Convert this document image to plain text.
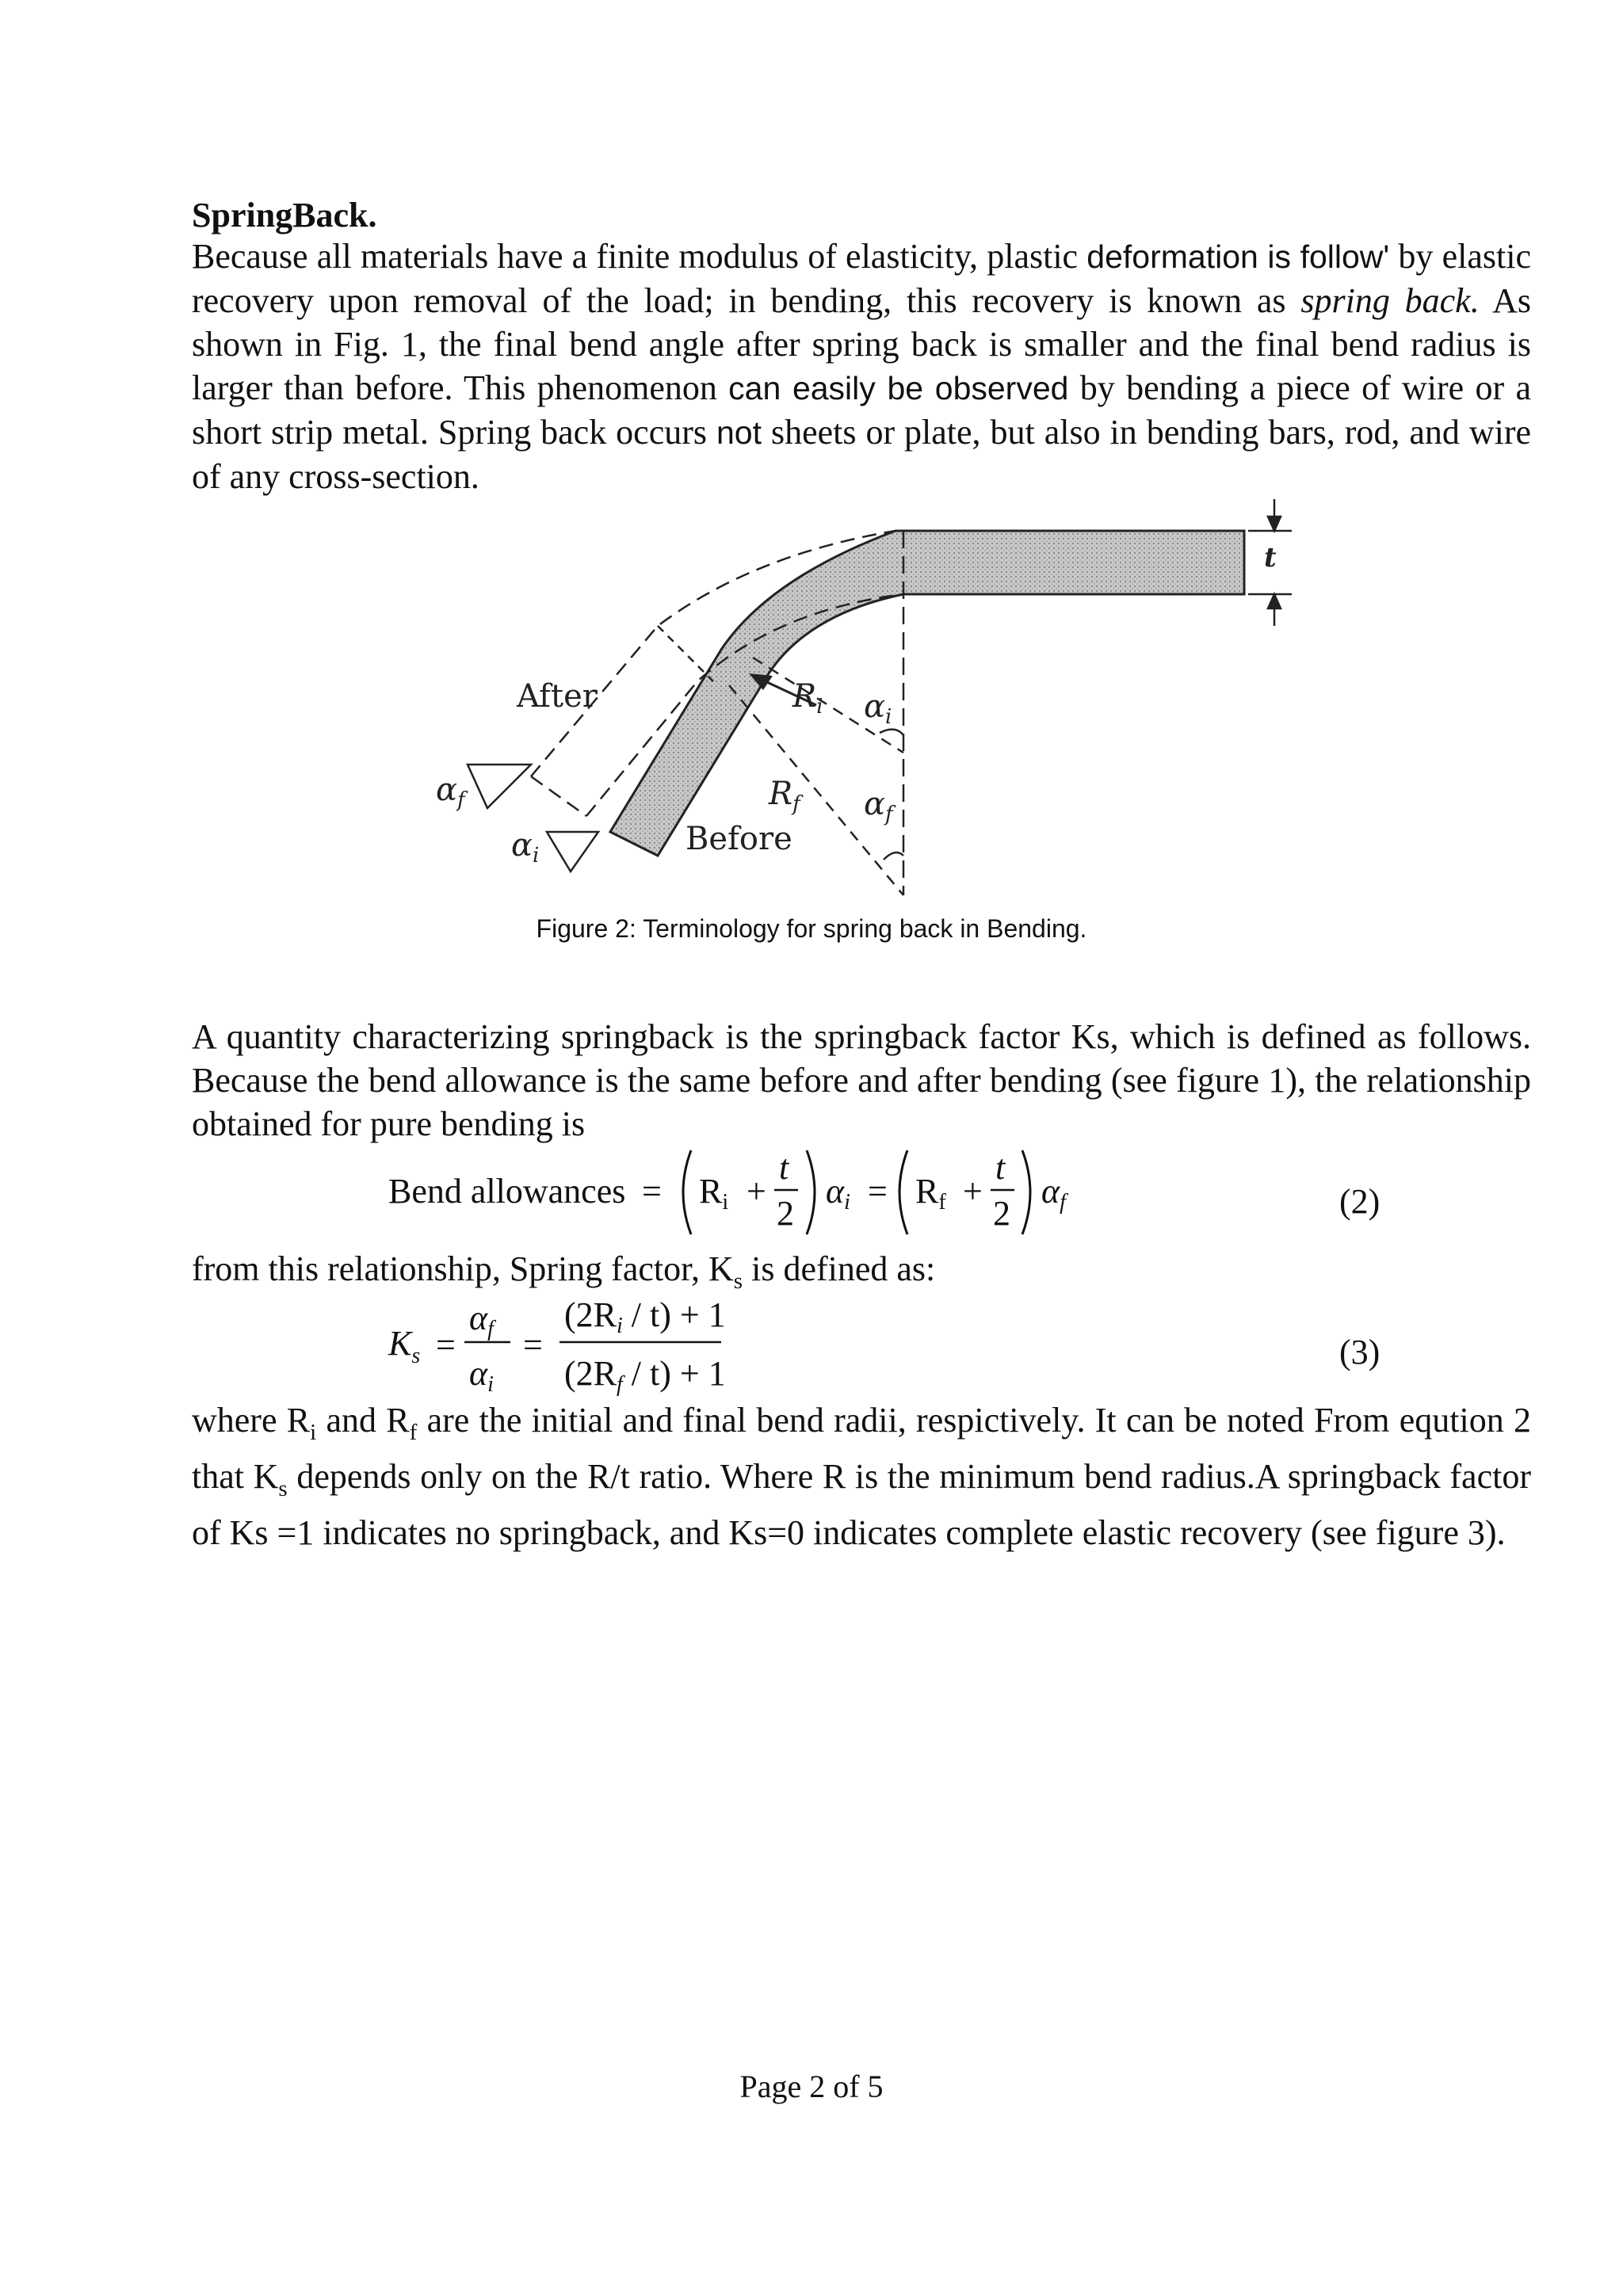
SpringBack.

Because all materials have a finite modulus of elasticity, plastic deformation is follow' by elastic recovery upon removal of the load; in bending, this recovery is known as spring back. As shown in Fig. 1, the final bend angle after spring back is smaller and the final bend radius is larger than before. This phenomenon can easily be observed by bending a piece of wire or a short strip metal. Spring back occurs not sheets or plate, but also in bending bars, rod, and wire of any cross-section.

After
Before
t
$R_i$
$R_f$
$\alpha_i$
$\alpha_f$
$\alpha_f$
$\alpha_i$
Figure 2: Terminology for spring back in Bending.

A quantity characterizing springback is the springback factor Ks, which is defined as follows. Because the bend allowance is the same before and after bending (see figure 1), the relationship obtained for pure bending is

Bend allowances = Ri +
t
2
αi = Rf +
t
2
αf	(2)

from this relationship, Spring factor, $K_s$ is defined as:

$K_s$ =
αf
αi
=
(2Ri / t) + 1
(2Rf / t) + 1
(3)

where $R_i$ and $R_f$ are the initial and final bend radii, respictively. It can be noted From eqution 2 that $K_s$ depends only on the R/t ratio. Where R is the minimum bend radius.A springback factor of Ks =1 indicates no springback, and Ks=0 indicates complete elastic recovery (see figure 3).

Page 2 of 5
